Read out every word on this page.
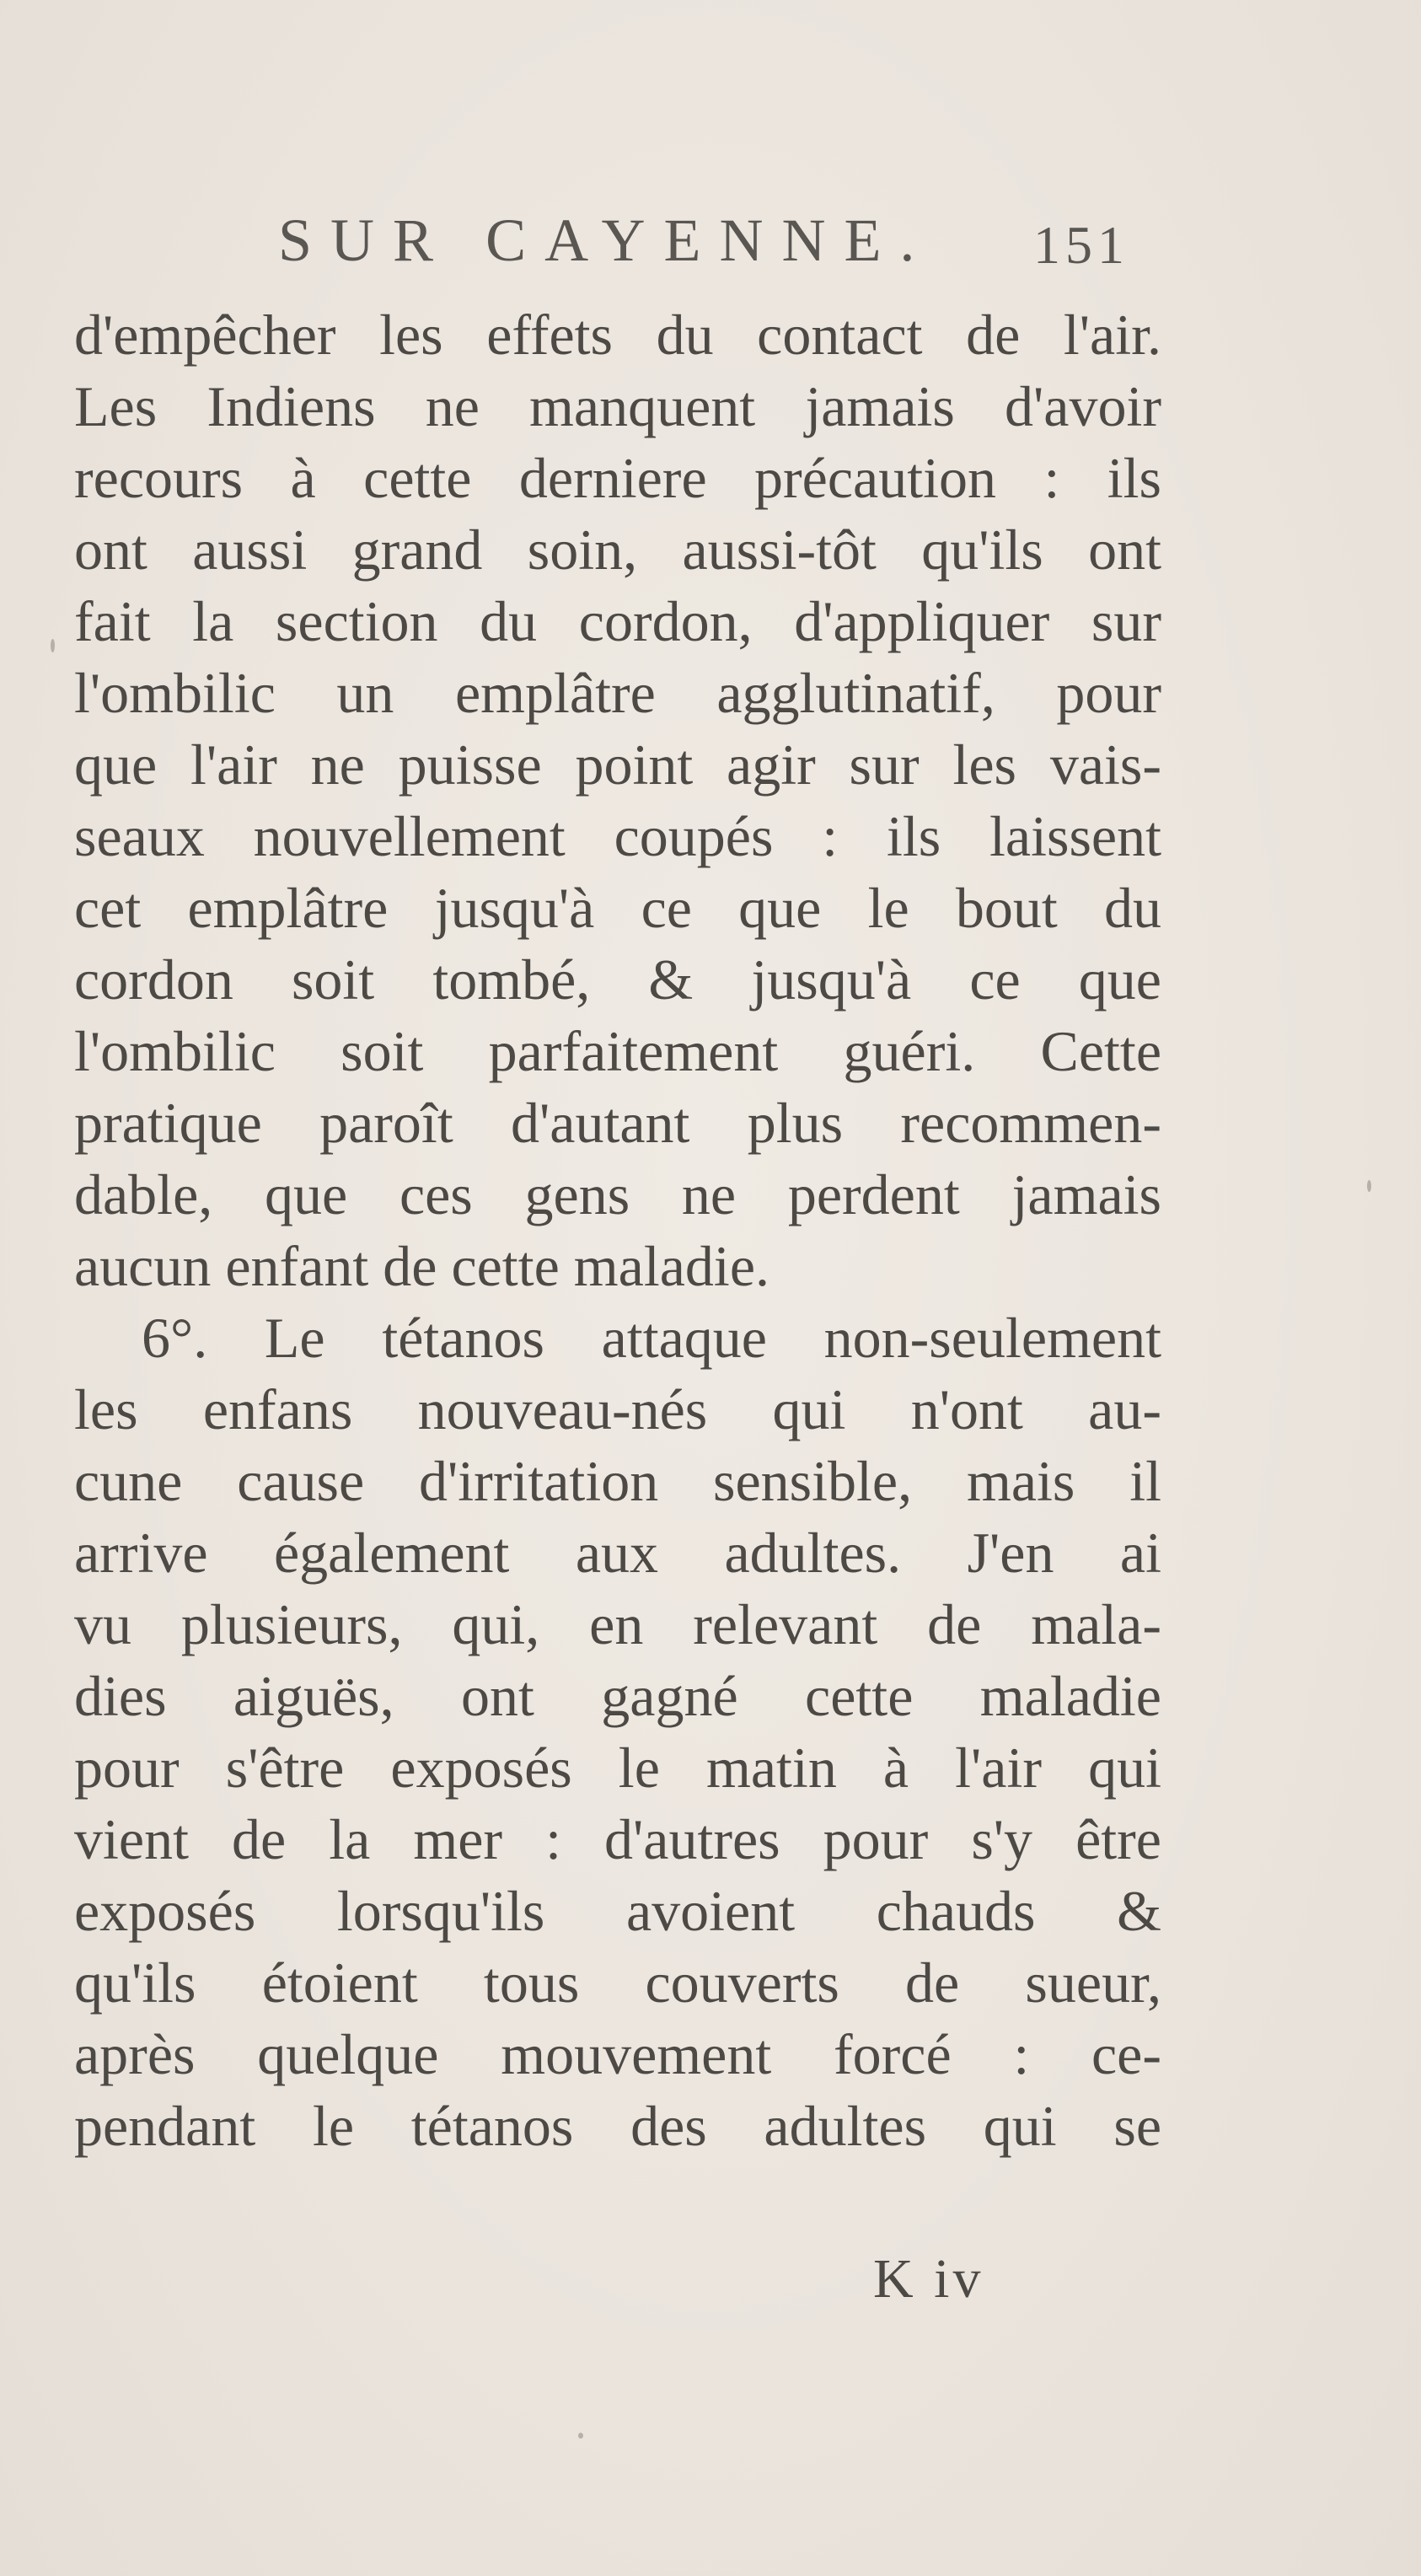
SUR CAYENNE. 151
d'empêcher les effets du contact de l'air.
Les Indiens ne manquent jamais d'avoir
recours à cette derniere précaution : ils
ont aussi grand soin, aussi-tôt qu'ils ont
fait la section du cordon, d'appliquer sur
l'ombilic un emplâtre agglutinatif, pour
que l'air ne puisse point agir sur les vais-
seaux nouvellement coupés : ils laissent
cet emplâtre jusqu'à ce que le bout du
cordon soit tombé, & jusqu'à ce que
l'ombilic soit parfaitement guéri. Cette
pratique paroît d'autant plus recommen-
dable, que ces gens ne perdent jamais
aucun enfant de cette maladie.
6°. Le tétanos attaque non-seulement
les enfans nouveau-nés qui n'ont au-
cune cause d'irritation sensible, mais il
arrive également aux adultes. J'en ai
vu plusieurs, qui, en relevant de mala-
dies aiguës, ont gagné cette maladie
pour s'être exposés le matin à l'air qui
vient de la mer : d'autres pour s'y être
exposés lorsqu'ils avoient chauds &
qu'ils étoient tous couverts de sueur,
après quelque mouvement forcé : ce-
pendant le tétanos des adultes qui se
K iv
